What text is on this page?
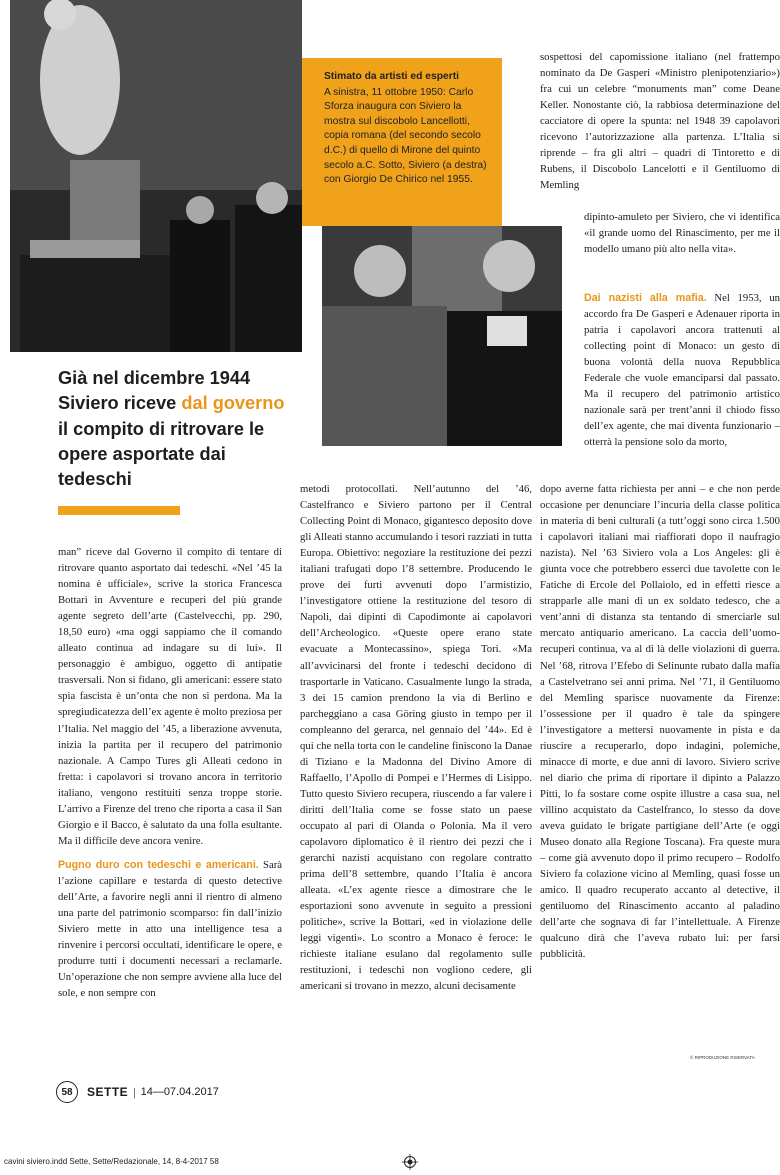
Stimato da artisti ed esperti
A sinistra, 11 ottobre 1950: Carlo Sforza inaugura con Siviero la mostra sul discobolo Lancellotti, copia romana (del secondo secolo d.C.) di quello di Mirone del quinto secolo a.C. Sotto, Siviero (a destra) con Giorgio De Chirico nel 1955.
Già nel dicembre 1944 Siviero riceve dal governo il compito di ritrovare le opere asportate dai tedeschi

man” riceve dal Governo il compito di tentare di ritrovare quanto asportato dai tedeschi. «Nel ’45 la nomina è ufficiale», scrive la storica Francesca Bottari in Avventure e recuperi del più grande agente segreto dell’arte (Castelvecchi, pp. 290, 18,50 euro) «ma oggi sappiamo che il comando alleato continua ad indagare su di lui». Il personaggio è ambiguo, oggetto di antipatie trasversali. Non si fidano, gli americani: essere stato spia fascista è un’onta che non si perdona. Ma la spregiudicatezza dell’ex agente è molto preziosa per l’Italia. Nel maggio del ’45, a liberazione avvenuta, inizia la partita per il recupero del patrimonio nazionale. A Campo Tures gli Alleati cedono in fretta: i capolavori si trovano ancora in territorio italiano, vengono restituiti senza troppe storie. L’arrivo a Firenze del treno che riporta a casa il San Giorgio e il Bacco, è salutato da una folla esultante. Ma il difficile deve ancora venire.

Pugno duro con tedeschi e americani. Sarà l’azione capillare e testarda di questo detective dell’Arte, a favorire negli anni il rientro di almeno una parte del patrimonio scomparso: fin dall’inizio Siviero mette in atto una intelligence tesa a rinvenire i percorsi occultati, identificare le opere, e produrre tutti i documenti necessari a reclamarle. Un’operazione che non sempre avviene alla luce del sole, e non sempre con

metodi protocollati. Nell’autunno del ’46, Castelfranco e Siviero partono per il Central Collecting Point di Monaco, gigantesco deposito dove gli Alleati stanno accumulando i tesori razziati in tutta Europa. Obiettivo: negoziare la restituzione dei pezzi italiani trafugati dopo l’8 settembre. Producendo le prove dei furti avvenuti dopo l’armistizio, l’investigatore ottiene la restituzione del tesoro di Napoli, dai dipinti di Capodimonte ai capolavori dell’Archeologico. «Queste opere erano state evacuate a Montecassino», spiega Tori. «Ma all’avvicinarsi del fronte i tedeschi decidono di trasportarle in Vaticano. Casualmente lungo la strada, 3 dei 15 camion prendono la via di Berlino e parcheggiano a casa Göring giusto in tempo per il compleanno del gerarca, nel gennaio del ’44». Ed è qui che nella torta con le candeline finiscono la Danae di Tiziano e la Madonna del Divino Amore di Raffaello, l’Apollo di Pompei e l’Hermes di Lisippo. Tutto questo Siviero recupera, riuscendo a far valere i diritti dell’Italia come se fosse stato un paese occupato al pari di Olanda o Polonia. Ma il vero capolavoro diplomatico è il rientro dei pezzi che i gerarchi nazisti acquistano con regolare contratto prima dell’8 settembre, quando l’Italia è ancora alleata. «L’ex agente riesce a dimostrare che le esportazioni sono avvenute in seguito a pressioni politiche», scrive la Bottari, «ed in violazione delle leggi vigenti». Lo scontro a Monaco è feroce: le richieste italiane esulano dal regolamento sulle restituzioni, i tedeschi non vogliono cedere, gli americani si trovano in mezzo, alcuni decisamente

sospettosi del capomissione italiano (nel frattempo nominato da De Gasperi «Ministro plenipotenziario») fra cui un celebre “monuments man” come Deane Keller. Nonostante ciò, la rabbiosa determinazione del cacciatore di opere la spunta: nel 1948 39 capolavori ricevono l’autorizzazione alla partenza. L’Italia si riprende – fra gli altri – quadri di Tintoretto e di Rubens, il Discobolo Lancelotti e il Gentiluomo di Memling

dipinto-amuleto per Siviero, che vi identifica «il grande uomo del Rinascimento, per me il modello umano più alto nella vita».

Dai nazisti alla mafia. Nel 1953, un accordo fra De Gasperi e Adenauer riporta in patria i capolavori ancora trattenuti al collecting point di Monaco: un gesto di buona volontà della nuova Repubblica Federale che vuole emanciparsi dal passato. Ma il recupero del patrimonio artistico nazionale sarà per trent’anni il chiodo fisso dell’ex agente, che mai diventa funzionario – otterrà la pensione solo da morto,

dopo averne fatta richiesta per anni – e che non perde occasione per denunciare l’incuria della classe politica in materia di beni culturali (a tutt’oggi sono circa 1.500 i capolavori italiani mai riaffiorati dopo il naufragio nazista). Nel ’63 Siviero vola a Los Angeles: gli è giunta voce che potrebbero esserci due tavolette con le Fatiche di Ercole del Pollaiolo, ed in effetti riesce a strapparle alle mani di un ex soldato tedesco, che a vent’anni di distanza sta tentando di smerciarle sul mercato antiquario americano. La caccia dell’uomo-recuperi continua, va al di là delle violazioni di guerra. Nel ’68, ritrova l’Efebo di Selinunte rubato dalla mafia a Castelvetrano sei anni prima. Nel ’71, il Gentiluomo del Memling sparisce nuovamente da Firenze: l’ossessione per il quadro è tale da spingere l’investigatore a mettersi nuovamente in pista e da riuscire a recuperarlo, dopo indagini, polemiche, minacce di morte, e due anni di lavoro. Siviero scrive nel diario che prima di riportare il dipinto a Palazzo Pitti, lo fa sostare come ospite illustre a casa sua, nel villino acquistato da Castelfranco, lo stesso da dove aveva guidato le brigate partigiane dell’Arte (e oggi Museo donato alla Regione Toscana). Fra queste mura – come già avvenuto dopo il primo recupero – Rodolfo Siviero fa colazione vicino al Memling, quasi fosse un amico. Il quadro recuperato accanto al detective, il gentiluomo del Rinascimento accanto al paladino dell’arte che sognava di far l’intellettuale. A Firenze qualcuno dirà che l’aveva rubato lui: per farsi pubblicità.

© RIPRODUZIONE RISERVATA
58	SETTE | 14—07.04.2017
cavini siviero.indd Sette, Sette/Redazionale, 14, 8-4-2017 58
